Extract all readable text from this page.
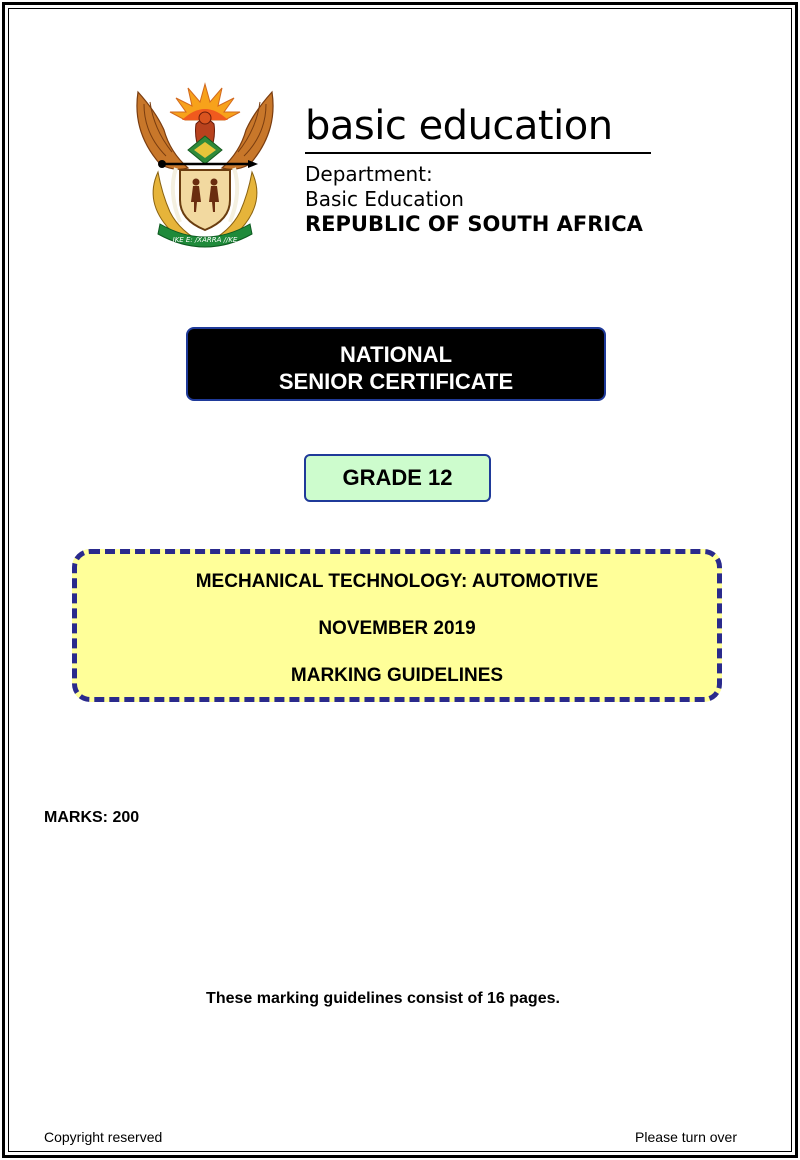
IKE E: /XARRA //KE
basic education
Department:
Basic Education
REPUBLIC OF SOUTH AFRICA
NATIONAL
SENIOR CERTIFICATE
GRADE 12
MECHANICAL TECHNOLOGY: AUTOMOTIVE
NOVEMBER 2019
MARKING GUIDELINES
MARKS: 200
These marking guidelines consist of 16 pages.
Copyright reserved	Please turn over
